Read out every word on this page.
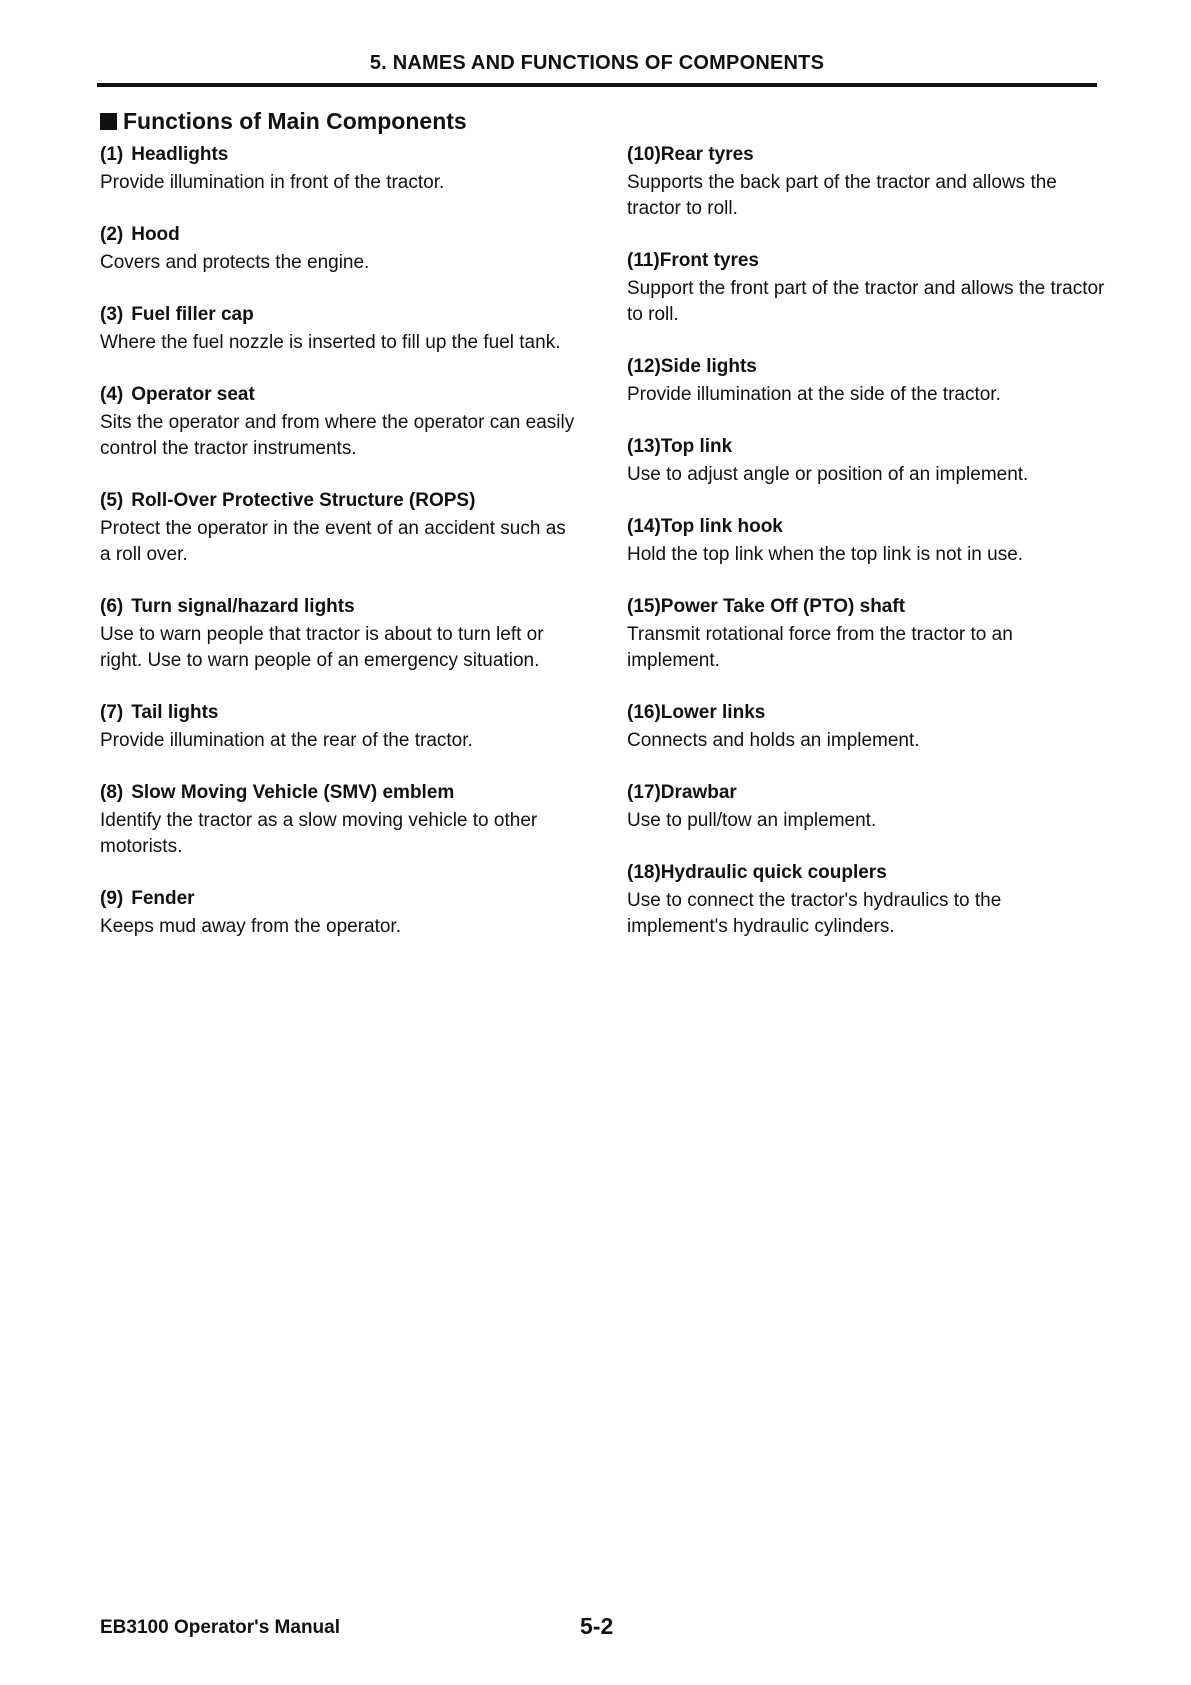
5. NAMES AND FUNCTIONS OF COMPONENTS
Functions of Main Components
(1) Headlights
Provide illumination in front of the tractor.
(2) Hood
Covers and protects the engine.
(3) Fuel filler cap
Where the fuel nozzle is inserted to fill up the fuel tank.
(4) Operator seat
Sits the operator and from where the operator can easily control the tractor instruments.
(5) Roll-Over Protective Structure (ROPS)
Protect the operator in the event of an accident such as a roll over.
(6) Turn signal/hazard lights
Use to warn people that tractor is about to turn left or right. Use to warn people of an emergency situation.
(7) Tail lights
Provide illumination at the rear of the tractor.
(8) Slow Moving Vehicle (SMV) emblem
Identify the tractor as a slow moving vehicle to other motorists.
(9) Fender
Keeps mud away from the operator.
(10)Rear tyres
Supports the back part of the tractor and allows the tractor to roll.
(11)Front tyres
Support the front part of the tractor and allows the tractor to roll.
(12)Side lights
Provide illumination at the side of the tractor.
(13)Top link
Use to adjust angle or position of an implement.
(14)Top link hook
Hold the top link when the top link is not in use.
(15)Power Take Off (PTO) shaft
Transmit rotational force from the tractor to an implement.
(16)Lower links
Connects and holds an implement.
(17)Drawbar
Use to pull/tow an implement.
(18)Hydraulic quick couplers
Use to connect the tractor's hydraulics to the implement's hydraulic cylinders.
EB3100 Operator's Manual	5-2
